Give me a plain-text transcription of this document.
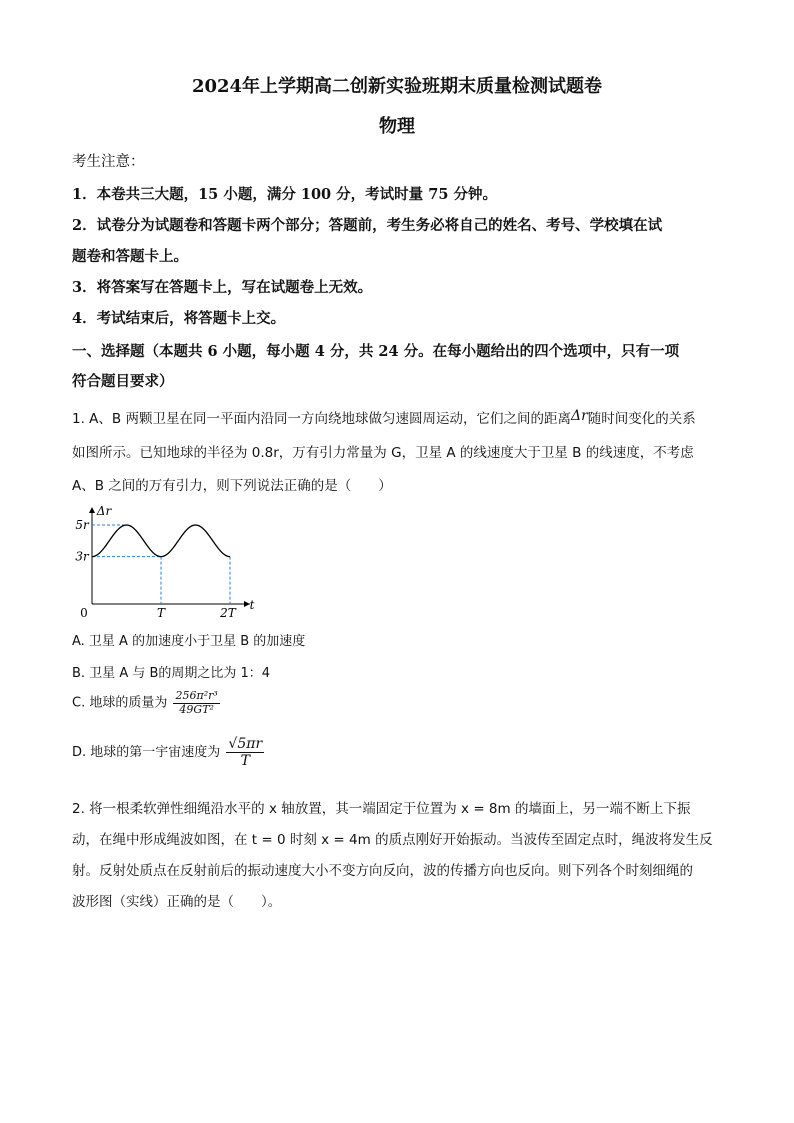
2024年上学期高二创新实验班期末质量检测试题卷
物理
考生注意：
1．本卷共三大题，15 小题，满分 100 分，考试时量 75 分钟。
2．试卷分为试题卷和答题卡两个部分；答题前，考生务必将自己的姓名、考号、学校填在试
题卷和答题卡上。
3．将答案写在答题卡上，写在试题卷上无效。
4．考试结束后，将答题卡上交。
一、选择题（本题共 6 小题，每小题 4 分，共 24 分。在每小题给出的四个选项中，只有一项
符合题目要求）
1. A、B 两颗卫星在同一平面内沿同一方向绕地球做匀速圆周运动，它们之间的距离Δr随时间变化的关系
如图所示。已知地球的半径为 0.8r，万有引力常量为 G，卫星 A 的线速度大于卫星 B 的线速度，不考虑
A、B 之间的万有引力，则下列说法正确的是（　　）
5r
3r
0	T	2T
t
Δr
A. 卫星 A 的加速度小于卫星 B 的加速度
B. 卫星 A 与 B的周期之比为 1：4
C. 地球的质量为 $\frac{\text{256π²r³}}{\text{49GT²}}$
D. 地球的第一宇宙速度为 $\frac{√5\pi r}{T}$
2. 将一根柔软弹性细绳沿水平的 x 轴放置，其一端固定于位置为 x = 8m 的墙面上，另一端不断上下振
动，在绳中形成绳波如图，在 t = 0 时刻 x = 4m 的质点刚好开始振动。当波传至固定点时，绳波将发生反
射。反射处质点在反射前后的振动速度大小不变方向反向，波的传播方向也反向。则下列各个时刻细绳的
波形图（实线）正确的是（　　）。
